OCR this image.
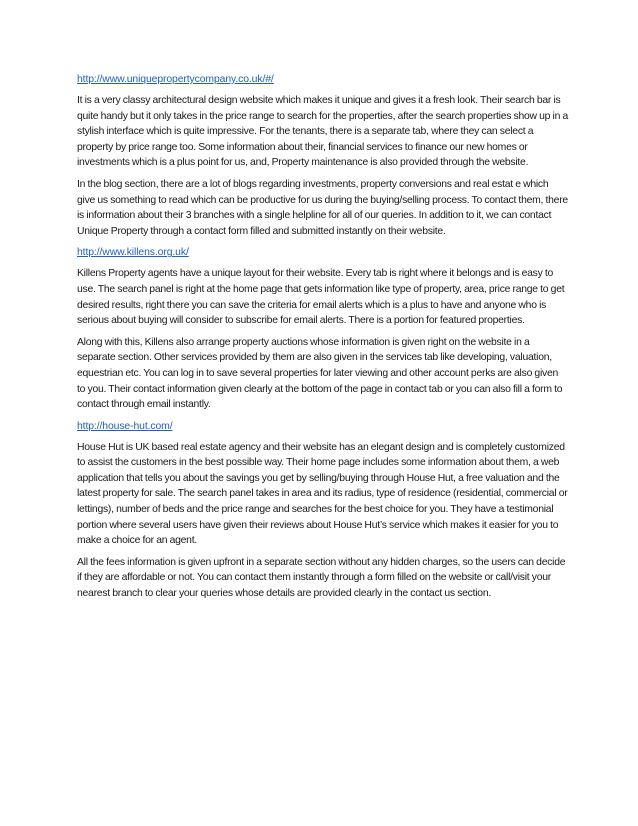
http://www.uniquepropertycompany.co.uk/#/

It is a very classy architectural design website which makes it unique and gives it a fresh look. Their search bar is quite handy but it only takes in the price range to search for the properties, after the search properties show up in a stylish interface which is quite impressive. For the tenants, there is a separate tab, where they can select a property by price range too. Some information about their, financial services to finance our new homes or investments which is a plus point for us, and, Property maintenance is also provided through the website.

In the blog section, there are a lot of blogs regarding investments, property conversions and real estat e which give us something to read which can be productive for us during the buying/selling process. To contact them, there is information about their 3 branches with a single helpline for all of our queries. In addition to it, we can contact Unique Property through a contact form filled and submitted instantly on their website.

http://www.killens.org.uk/

Killens Property agents have a unique layout for their website. Every tab is right where it belongs and is easy to use. The search panel is right at the home page that gets information like type of property, area, price range to get desired results, right there you can save the criteria for email alerts which is a plus to have and anyone who is serious about buying will consider to subscribe for email alerts. There is a portion for featured properties.

Along with this, Killens also arrange property auctions whose information is given right on the website in a separate section. Other services provided by them are also given in the services tab like developing, valuation, equestrian etc. You can log in to save several properties for later viewing and other account perks are also given to you. Their contact information given clearly at the bottom of the page in contact tab or you can also fill a form to contact through email instantly.

http://house-hut.com/

House Hut is UK based real estate agency and their website has an elegant design and is completely customized to assist the customers in the best possible way. Their home page includes some information about them, a web application that tells you about the savings you get by selling/buying through House Hut, a free valuation and the latest property for sale. The search panel takes in area and its radius, type of residence (residential, commercial or lettings), number of beds and the price range and searches for the best choice for you. They have a testimonial portion where several users have given their reviews about House Hut’s service which makes it easier for you to make a choice for an agent.

All the fees information is given upfront in a separate section without any hidden charges, so the users can decide if they are affordable or not. You can contact them instantly through a form filled on the website or call/visit your nearest branch to clear your queries whose details are provided clearly in the contact us section.
